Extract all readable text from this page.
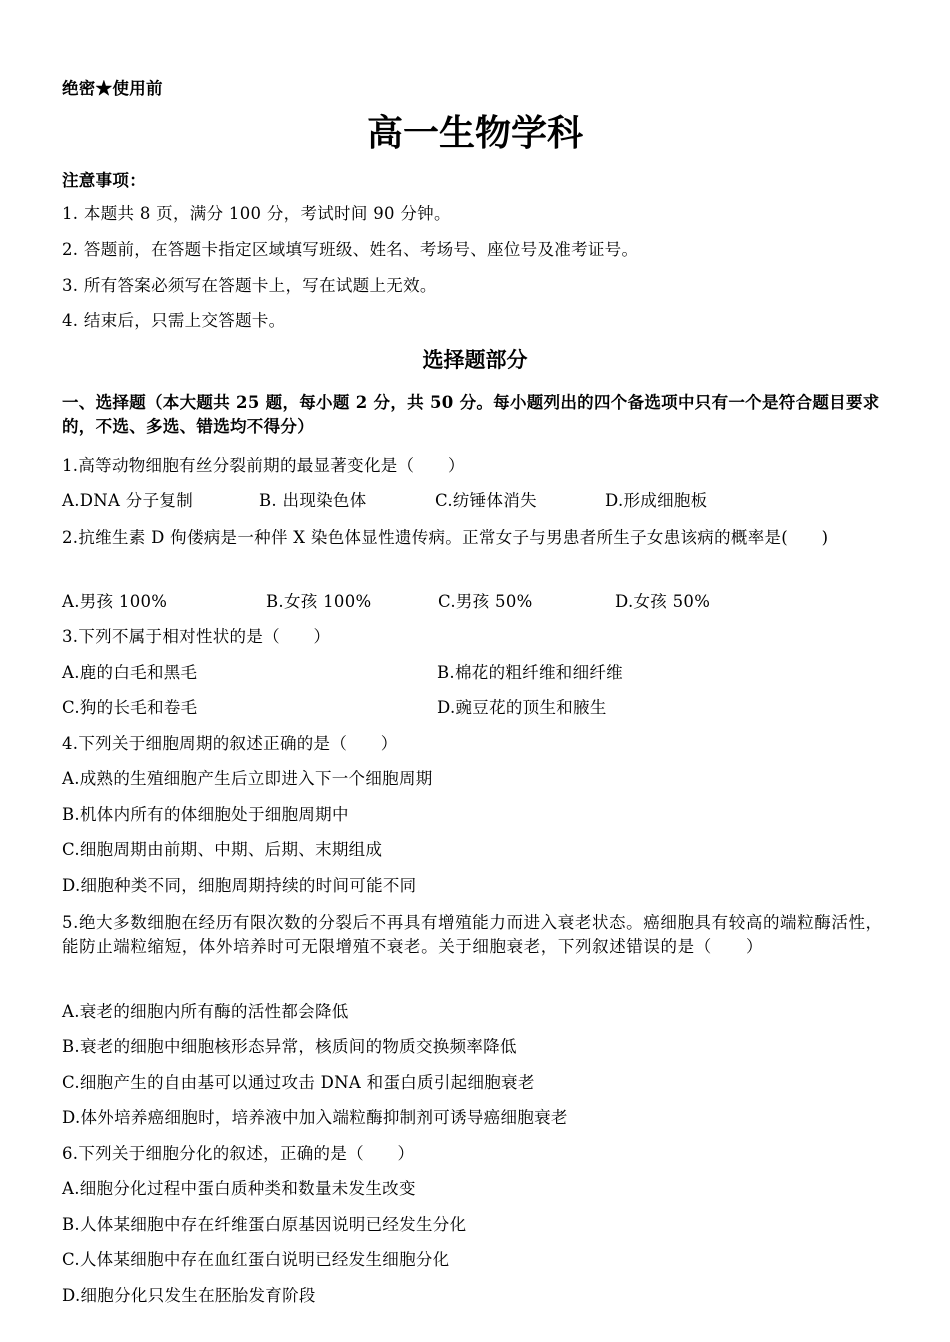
绝密★使用前
高一生物学科
注意事项：
1. 本题共 8 页，满分 100 分，考试时间 90 分钟。
2. 答题前，在答题卡指定区域填写班级、姓名、考场号、座位号及准考证号。
3. 所有答案必须写在答题卡上，写在试题上无效。
4. 结束后，只需上交答题卡。
选择题部分
一、选择题（本大题共 25 题，每小题 2 分，共 50 分。每小题列出的四个备选项中只有一个是符合题目要求的，不选、多选、错选均不得分）
1.高等动物细胞有丝分裂前期的最显著变化是（　　）
A.DNA 分子复制	B. 出现染色体	C.纺锤体消失	D.形成细胞板
2.抗维生素 D 佝偻病是一种伴 X 染色体显性遗传病。正常女子与男患者所生子女患该病的概率是(　　)
A.男孩 100%	B.女孩 100%	C.男孩 50%	D.女孩 50%
3.下列不属于相对性状的是（　　）
A.鹿的白毛和黑毛	B.棉花的粗纤维和细纤维
C.狗的长毛和卷毛	D.豌豆花的顶生和腋生
4.下列关于细胞周期的叙述正确的是（　　）
A.成熟的生殖细胞产生后立即进入下一个细胞周期
B.机体内所有的体细胞处于细胞周期中
C.细胞周期由前期、中期、后期、末期组成
D.细胞种类不同，细胞周期持续的时间可能不同
5.绝大多数细胞在经历有限次数的分裂后不再具有增殖能力而进入衰老状态。癌细胞具有较高的端粒酶活性，能防止端粒缩短，体外培养时可无限增殖不衰老。关于细胞衰老，下列叙述错误的是（　　）
A.衰老的细胞内所有酶的活性都会降低
B.衰老的细胞中细胞核形态异常，核质间的物质交换频率降低
C.细胞产生的自由基可以通过攻击 DNA 和蛋白质引起细胞衰老
D.体外培养癌细胞时，培养液中加入端粒酶抑制剂可诱导癌细胞衰老
6.下列关于细胞分化的叙述，正确的是（　　）
A.细胞分化过程中蛋白质种类和数量未发生改变
B.人体某细胞中存在纤维蛋白原基因说明已经发生分化
C.人体某细胞中存在血红蛋白说明已经发生细胞分化
D.细胞分化只发生在胚胎发育阶段
